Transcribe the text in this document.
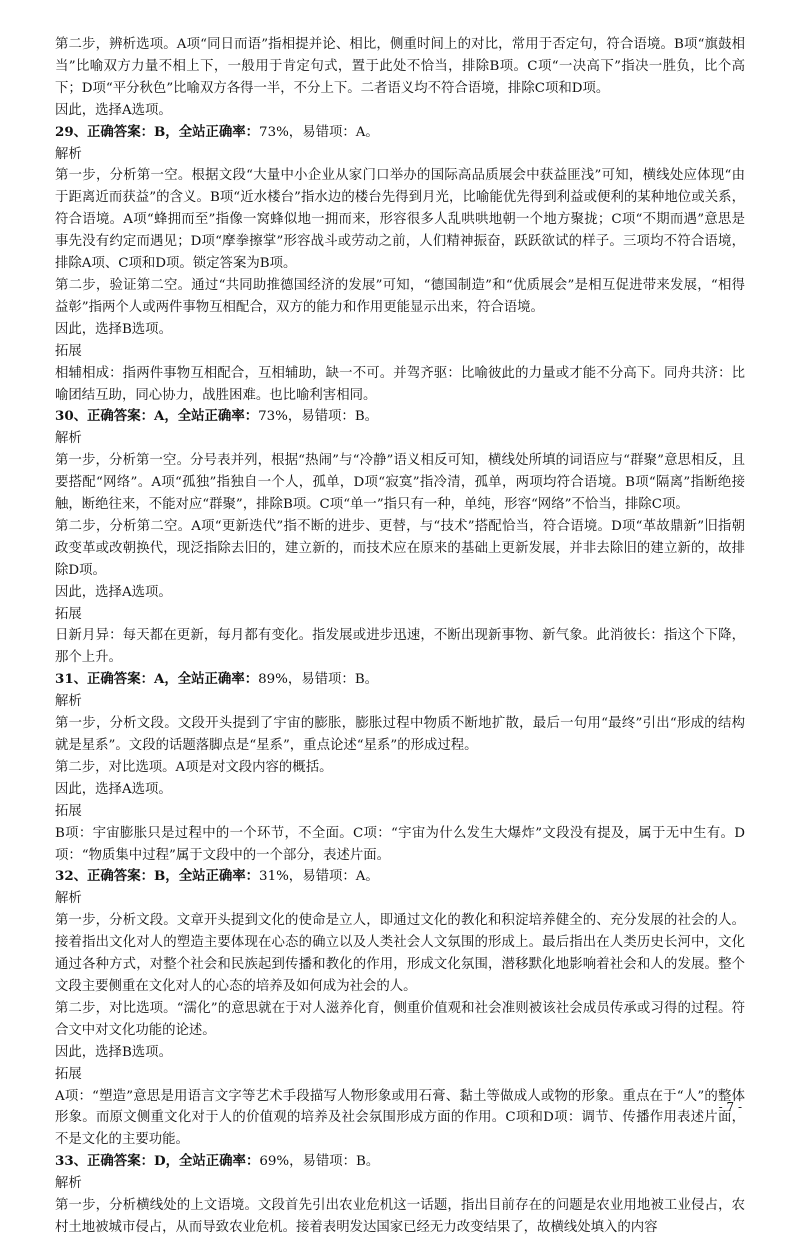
第二步，辨析选项。A项“同日而语”指相提并论、相比，侧重时间上的对比，常用于否定句，符合语境。B项“旗鼓相当”比喻双方力量不相上下，一般用于肯定句式，置于此处不恰当，排除B项。C项“一决高下”指决一胜负，比个高下；D项“平分秋色”比喻双方各得一半，不分上下。二者语义均不符合语境，排除C项和D项。

因此，选择A选项。

29、正确答案：B，全站正确率：73%，易错项：A。

解析

第一步，分析第一空。根据文段“大量中小企业从家门口举办的国际高品质展会中获益匪浅”可知，横线处应体现“由于距离近而获益”的含义。B项“近水楼台”指水边的楼台先得到月光，比喻能优先得到利益或便利的某种地位或关系，符合语境。A项“蜂拥而至”指像一窝蜂似地一拥而来，形容很多人乱哄哄地朝一个地方聚拢；C项“不期而遇”意思是事先没有约定而遇见；D项“摩拳擦掌”形容战斗或劳动之前，人们精神振奋，跃跃欲试的样子。三项均不符合语境，排除A项、C项和D项。锁定答案为B项。

第二步，验证第二空。通过“共同助推德国经济的发展”可知，“德国制造”和“优质展会”是相互促进带来发展，“相得益彰”指两个人或两件事物互相配合，双方的能力和作用更能显示出来，符合语境。

因此，选择B选项。

拓展

相辅相成：指两件事物互相配合，互相辅助，缺一不可。并驾齐驱：比喻彼此的力量或才能不分高下。同舟共济：比喻团结互助，同心协力，战胜困难。也比喻利害相同。

30、正确答案：A，全站正确率：73%，易错项：B。

解析

第一步，分析第一空。分号表并列，根据“热闹”与“冷静”语义相反可知，横线处所填的词语应与“群聚”意思相反，且要搭配“网络”。A项“孤独”指独自一个人，孤单，D项“寂寞”指冷清，孤单，两项均符合语境。B项“隔离”指断绝接触，断绝往来，不能对应“群聚”，排除B项。C项“单一”指只有一种，单纯，形容“网络”不恰当，排除C项。

第二步，分析第二空。A项“更新迭代”指不断的进步、更替，与“技术”搭配恰当，符合语境。D项“革故鼎新”旧指朝政变革或改朝换代，现泛指除去旧的，建立新的，而技术应在原来的基础上更新发展，并非去除旧的建立新的，故排除D项。

因此，选择A选项。

拓展

日新月异：每天都在更新，每月都有变化。指发展或进步迅速，不断出现新事物、新气象。此消彼长：指这个下降，那个上升。

31、正确答案：A，全站正确率：89%，易错项：B。

解析

第一步，分析文段。文段开头提到了宇宙的膨胀，膨胀过程中物质不断地扩散，最后一句用“最终”引出“形成的结构就是星系”。文段的话题落脚点是“星系”，重点论述“星系”的形成过程。

第二步，对比选项。A项是对文段内容的概括。

因此，选择A选项。

拓展

B项：宇宙膨胀只是过程中的一个环节，不全面。C项：“宇宙为什么发生大爆炸”文段没有提及，属于无中生有。D项：“物质集中过程”属于文段中的一个部分，表述片面。

32、正确答案：B，全站正确率：31%，易错项：A。

解析

第一步，分析文段。文章开头提到文化的使命是立人，即通过文化的教化和积淀培养健全的、充分发展的社会的人。接着指出文化对人的塑造主要体现在心态的确立以及人类社会人文氛围的形成上。最后指出在人类历史长河中，文化通过各种方式，对整个社会和民族起到传播和教化的作用，形成文化氛围，潜移默化地影响着社会和人的发展。整个文段主要侧重在文化对人的心态的培养及如何成为社会的人。

第二步，对比选项。“濡化”的意思就在于对人滋养化育，侧重价值观和社会准则被该社会成员传承或习得的过程。符合文中对文化功能的论述。

因此，选择B选项。

拓展

A项：“塑造”意思是用语言文字等艺术手段描写人物形象或用石膏、黏土等做成人或物的形象。重点在于“人”的整体形象。而原文侧重文化对于人的价值观的培养及社会氛围形成方面的作用。C项和D项：调节、传播作用表述片面，不是文化的主要功能。

33、正确答案：D，全站正确率：69%，易错项：B。

解析

第一步，分析横线处的上文语境。文段首先引出农业危机这一话题，指出目前存在的问题是农业用地被工业侵占，农村土地被城市侵占，从而导致农业危机。接着表明发达国家已经无力改变结果了，故横线处填入的内容

- 7 -
